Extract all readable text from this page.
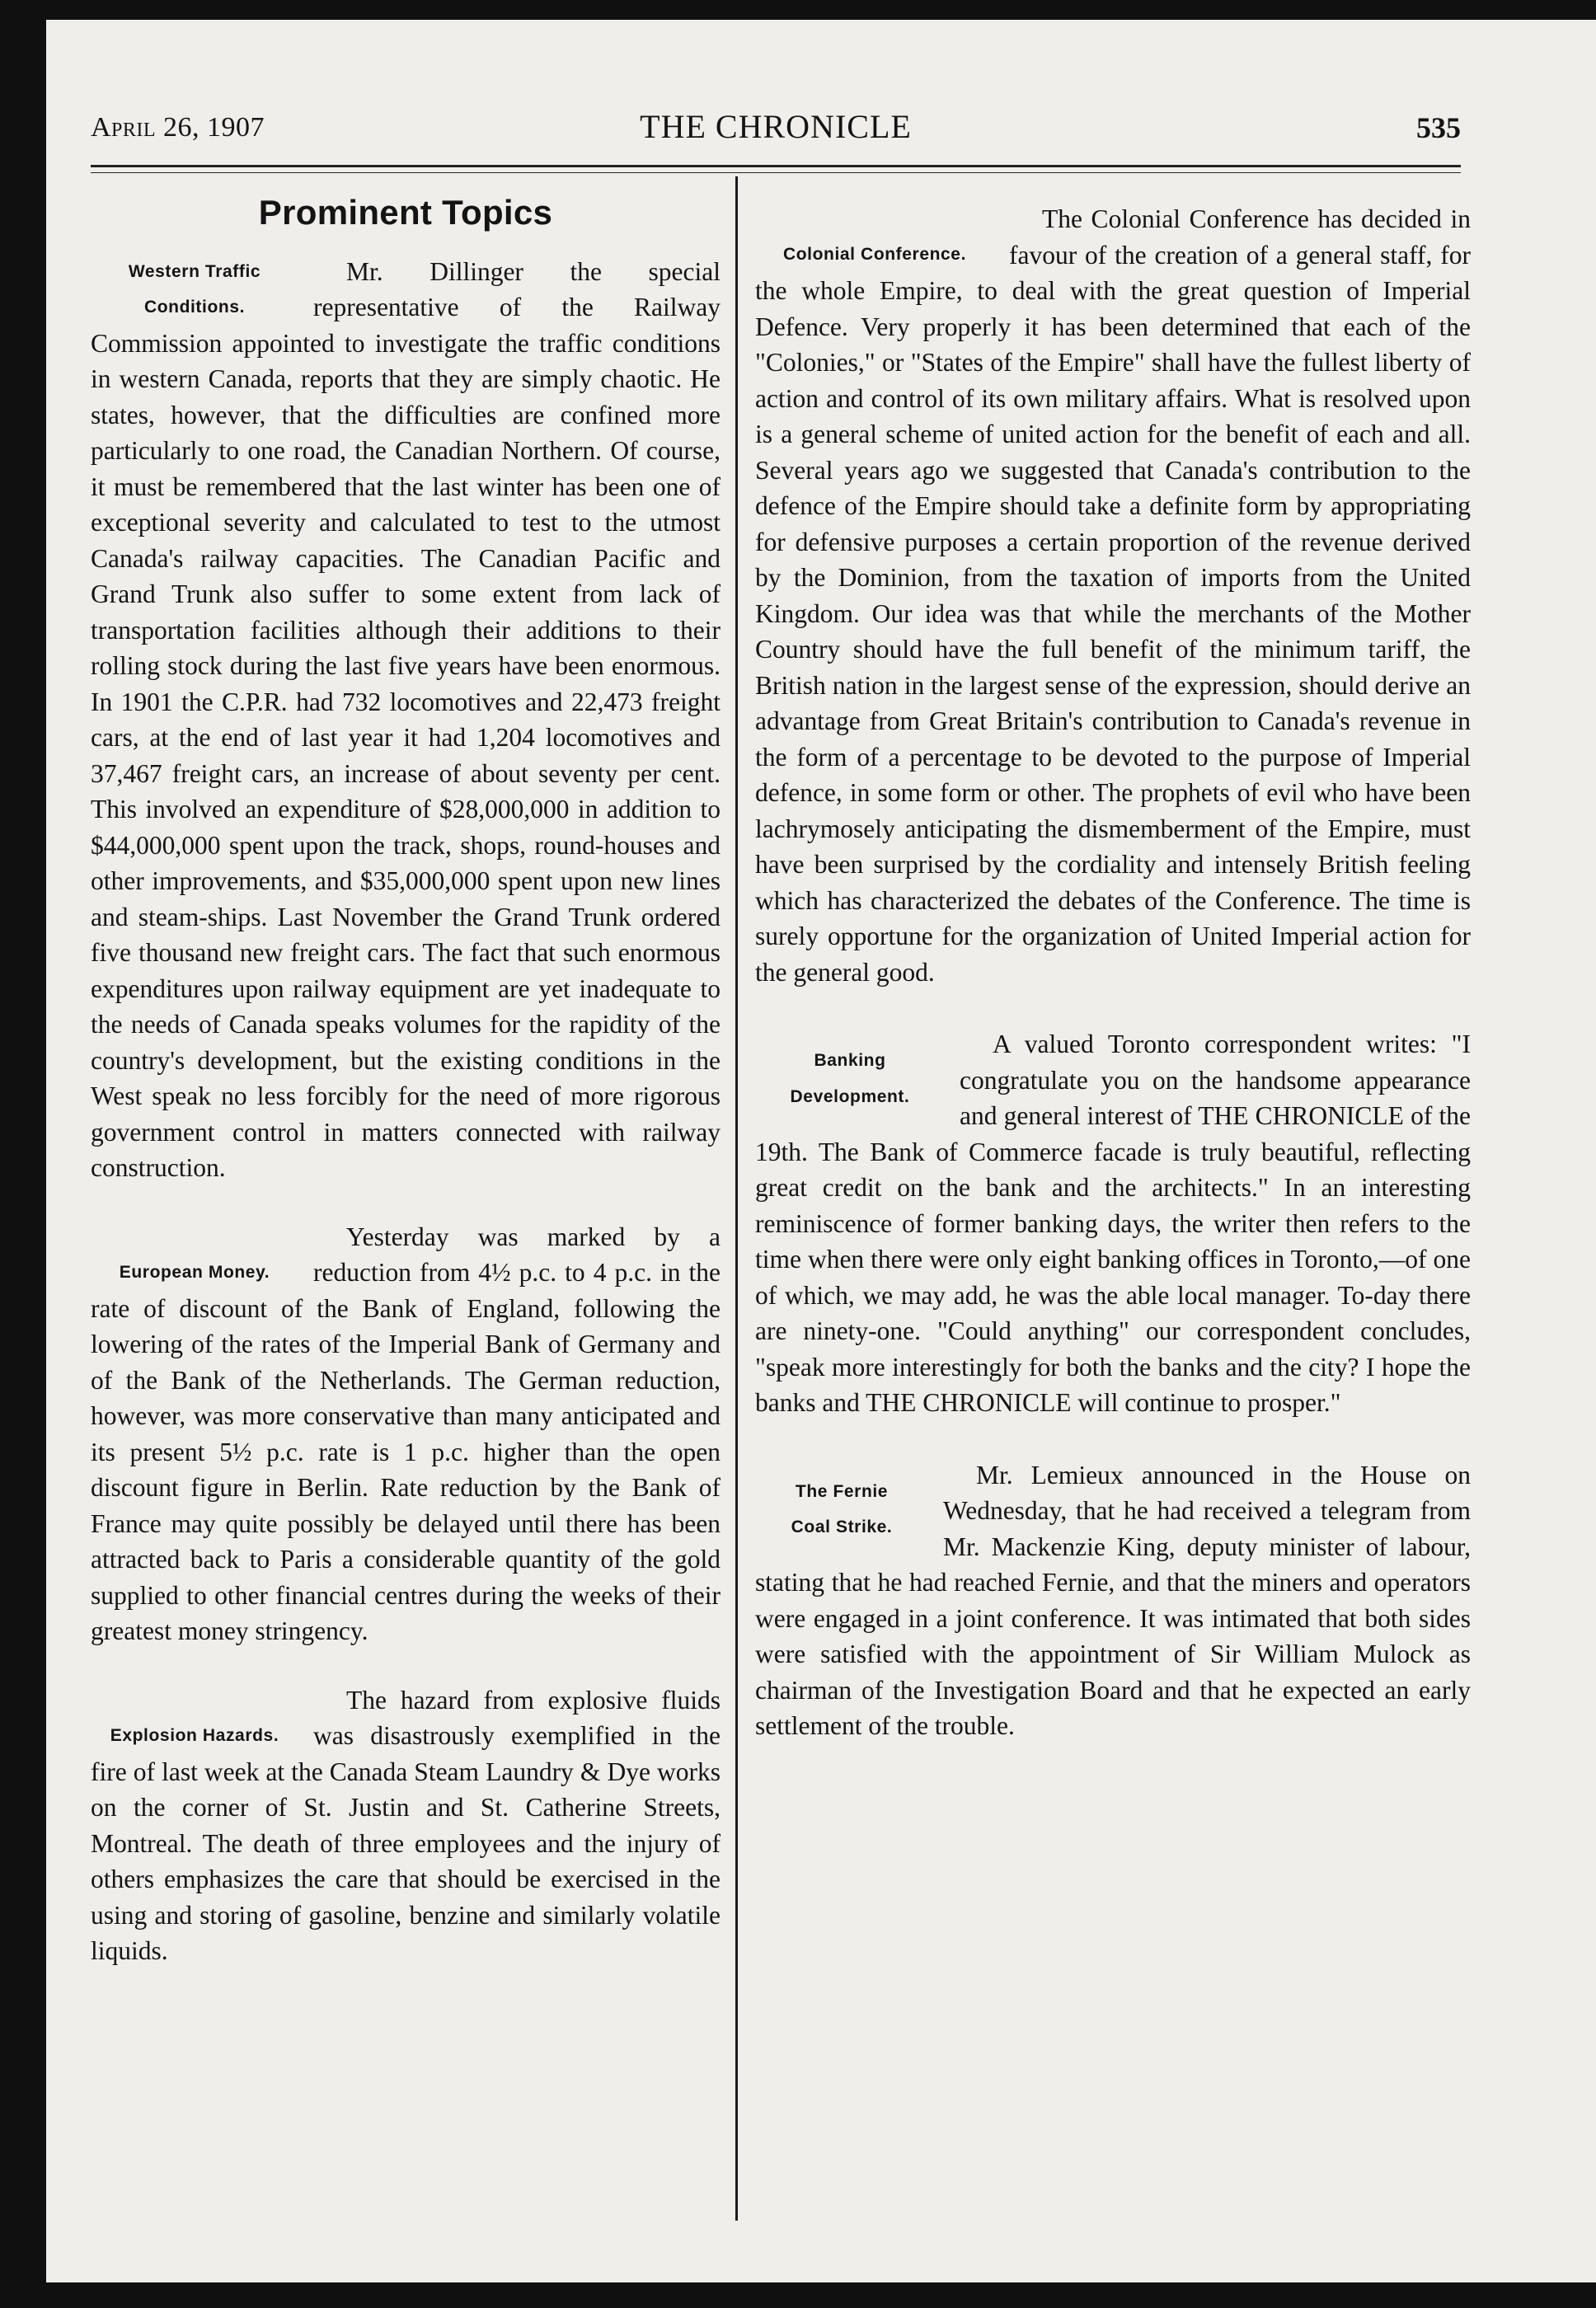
April 26, 1907	THE CHRONICLE	535
Prominent Topics
Western Traffic
Conditions.

Mr. Dillinger the special representative of the Railway Commission appointed to investigate the traffic conditions in western Canada, reports that they are simply chaotic. He states, however, that the difficulties are confined more particularly to one road, the Canadian Northern. Of course, it must be remembered that the last winter has been one of exceptional severity and calculated to test to the utmost Canada's railway capacities. The Canadian Pacific and Grand Trunk also suffer to some extent from lack of transportation facilities although their additions to their rolling stock during the last five years have been enormous. In 1901 the C.P.R. had 732 locomotives and 22,473 freight cars, at the end of last year it had 1,204 locomotives and 37,467 freight cars, an increase of about seventy per cent. This involved an expenditure of $28,000,000 in addition to $44,000,000 spent upon the track, shops, round-houses and other improvements, and $35,000,000 spent upon new lines and steam-ships. Last November the Grand Trunk ordered five thousand new freight cars. The fact that such enormous expenditures upon railway equipment are yet inadequate to the needs of Canada speaks volumes for the rapidity of the country's development, but the existing conditions in the West speak no less forcibly for the need of more rigorous government control in matters connected with railway construction.

European Money.

Yesterday was marked by a reduction from 4½ p.c. to 4 p.c. in the rate of discount of the Bank of England, following the lowering of the rates of the Imperial Bank of Germany and of the Bank of the Netherlands. The German reduction, however, was more conservative than many anticipated and its present 5½ p.c. rate is 1 p.c. higher than the open discount figure in Berlin. Rate reduction by the Bank of France may quite possibly be delayed until there has been attracted back to Paris a considerable quantity of the gold supplied to other financial centres during the weeks of their greatest money stringency.

Explosion Hazards.

The hazard from explosive fluids was disastrously exemplified in the fire of last week at the Canada Steam Laundry & Dye works on the corner of St. Justin and St. Catherine Streets, Montreal. The death of three employees and the injury of others emphasizes the care that should be exercised in the using and storing of gasoline, benzine and similarly volatile liquids.

Colonial Conference.

The Colonial Conference has decided in favour of the creation of a general staff, for the whole Empire, to deal with the great question of Imperial Defence. Very properly it has been determined that each of the "Colonies," or "States of the Empire" shall have the fullest liberty of action and control of its own military affairs. What is resolved upon is a general scheme of united action for the benefit of each and all. Several years ago we suggested that Canada's contribution to the defence of the Empire should take a definite form by appropriating for defensive purposes a certain proportion of the revenue derived by the Dominion, from the taxation of imports from the United Kingdom. Our idea was that while the merchants of the Mother Country should have the full benefit of the minimum tariff, the British nation in the largest sense of the expression, should derive an advantage from Great Britain's contribution to Canada's revenue in the form of a percentage to be devoted to the purpose of Imperial defence, in some form or other. The prophets of evil who have been lachrymosely anticipating the dismemberment of the Empire, must have been surprised by the cordiality and intensely British feeling which has characterized the debates of the Conference. The time is surely opportune for the organization of United Imperial action for the general good.

Banking
Development.

A valued Toronto correspondent writes: "I congratulate you on the handsome appearance and general interest of THE CHRONICLE of the 19th. The Bank of Commerce facade is truly beautiful, reflecting great credit on the bank and the architects." In an interesting reminiscence of former banking days, the writer then refers to the time when there were only eight banking offices in Toronto,—of one of which, we may add, he was the able local manager. To-day there are ninety-one. "Could anything" our correspondent concludes, "speak more interestingly for both the banks and the city? I hope the banks and THE CHRONICLE will continue to prosper."

The Fernie
Coal Strike.

Mr. Lemieux announced in the House on Wednesday, that he had received a telegram from Mr. Mackenzie King, deputy minister of labour, stating that he had reached Fernie, and that the miners and operators were engaged in a joint conference. It was intimated that both sides were satisfied with the appointment of Sir William Mulock as chairman of the Investigation Board and that he expected an early settlement of the trouble.
